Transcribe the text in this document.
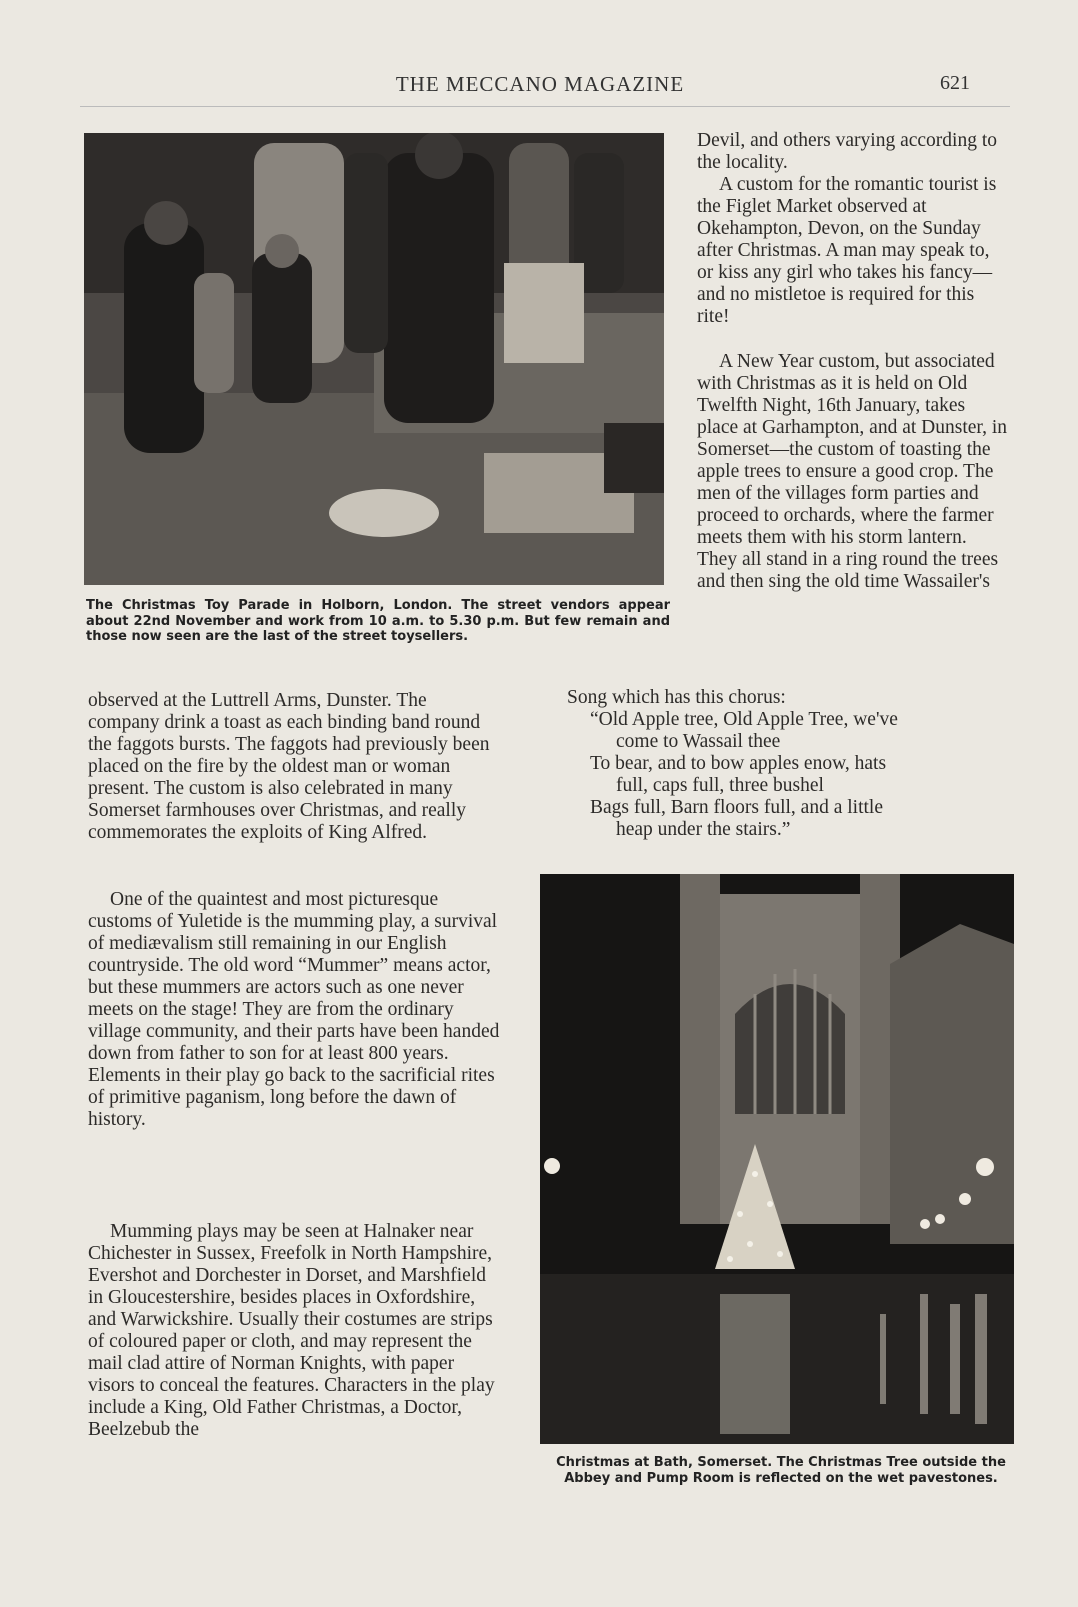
THE MECCANO MAGAZINE	621
The Christmas Toy Parade in Holborn, London. The street vendors appear about 22nd November and work from 10 a.m. to 5.30 p.m. But few remain and those now seen are the last of the street toysellers.

Devil, and others varying according to the locality.

A custom for the romantic tourist is the Figlet Market observed at Okehampton, Devon, on the Sunday after Christmas. A man may speak to, or kiss any girl who takes his fancy—and no mistletoe is required for this rite!

A New Year custom, but associated with Christmas as it is held on Old Twelfth Night, 16th January, takes place at Garhampton, and at Dunster, in Somerset—the custom of toasting the apple trees to ensure a good crop. The men of the villages form parties and proceed to orchards, where the farmer meets them with his storm lantern. They all stand in a ring round the trees and then sing the old time Wassailer's

Song which has this chorus:
“Old Apple tree, Old Apple Tree, we've
come to Wassail thee
To bear, and to bow apples enow, hats
full, caps full, three bushel
Bags full, Barn floors full, and a little
heap under the stairs.”

observed at the Luttrell Arms, Dunster. The company drink a toast as each binding band round the faggots bursts. The faggots had previously been placed on the fire by the oldest man or woman present. The custom is also celebrated in many Somerset farmhouses over Christmas, and really commemorates the exploits of King Alfred.

One of the quaintest and most picturesque customs of Yuletide is the mumming play, a survival of mediævalism still remaining in our English countryside. The old word “Mummer” means actor, but these mummers are actors such as one never meets on the stage! They are from the ordinary village community, and their parts have been handed down from father to son for at least 800 years. Elements in their play go back to the sacrificial rites of primitive paganism, long before the dawn of history.

Mumming plays may be seen at Halnaker near Chichester in Sussex, Freefolk in North Hampshire, Evershot and Dorchester in Dorset, and Marshfield in Gloucestershire, besides places in Oxfordshire, and Warwickshire. Usually their costumes are strips of coloured paper or cloth, and may represent the mail clad attire of Norman Knights, with paper visors to conceal the features. Characters in the play include a King, Old Father Christmas, a Doctor, Beelzebub the

Christmas at Bath, Somerset. The Christmas Tree outside the Abbey and Pump Room is reflected on the wet pavestones.
